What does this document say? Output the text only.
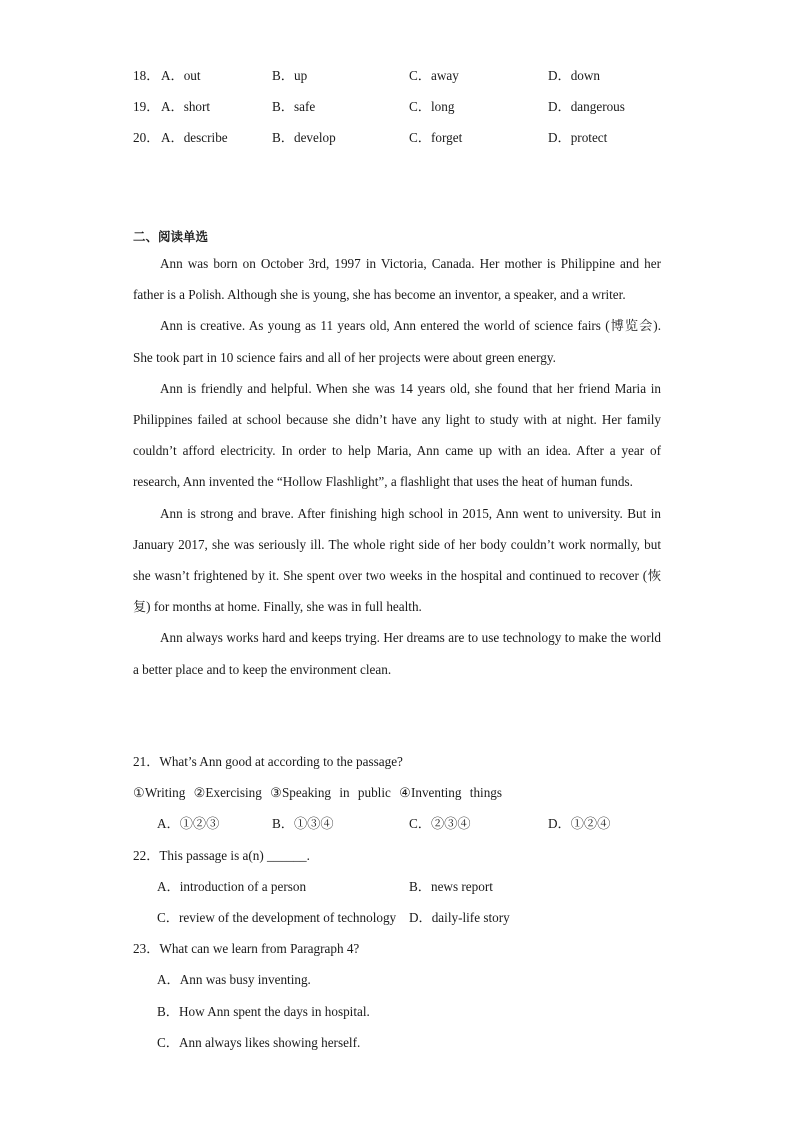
18． A．out	B．up	C．away	D．down
19． A．short	B．safe	C．long	D．dangerous
20． A．describe	B．develop	C．forget	D．protect
二、阅读单选

Ann was born on October 3rd, 1997 in Victoria, Canada. Her mother is Philippine and her father is a Polish. Although she is young, she has become an inventor, a speaker, and a writer.

Ann is creative. As young as 11 years old, Ann entered the world of science fairs (博览会). She took part in 10 science fairs and all of her projects were about green energy.

Ann is friendly and helpful. When she was 14 years old, she found that her friend Maria in Philippines failed at school because she didn’t have any light to study with at night. Her family couldn’t afford electricity. In order to help Maria, Ann came up with an idea. After a year of research, Ann invented the “Hollow Flashlight”, a flashlight that uses the heat of human funds.

Ann is strong and brave. After finishing high school in 2015, Ann went to university. But in January 2017, she was seriously ill. The whole right side of her body couldn’t work normally, but she wasn’t frightened by it. She spent over two weeks in the hospital and continued to recover (恢复) for months at home. Finally, she was in full health.

Ann always works hard and keeps trying. Her dreams are to use technology to make the world a better place and to keep the environment clean.

21．What’s Ann good at according to the passage?
①Writing ②Exercising ③Speaking in public ④Inventing things
A．①②③	B．①③④	C．②③④	D．①②④
22．This passage is a(n) ______.
A．introduction of a person	B．news report
C．review of the development of technology D．daily-life story
23．What can we learn from Paragraph 4?
A．Ann was busy inventing.
B．How Ann spent the days in hospital.
C．Ann always likes showing herself.
